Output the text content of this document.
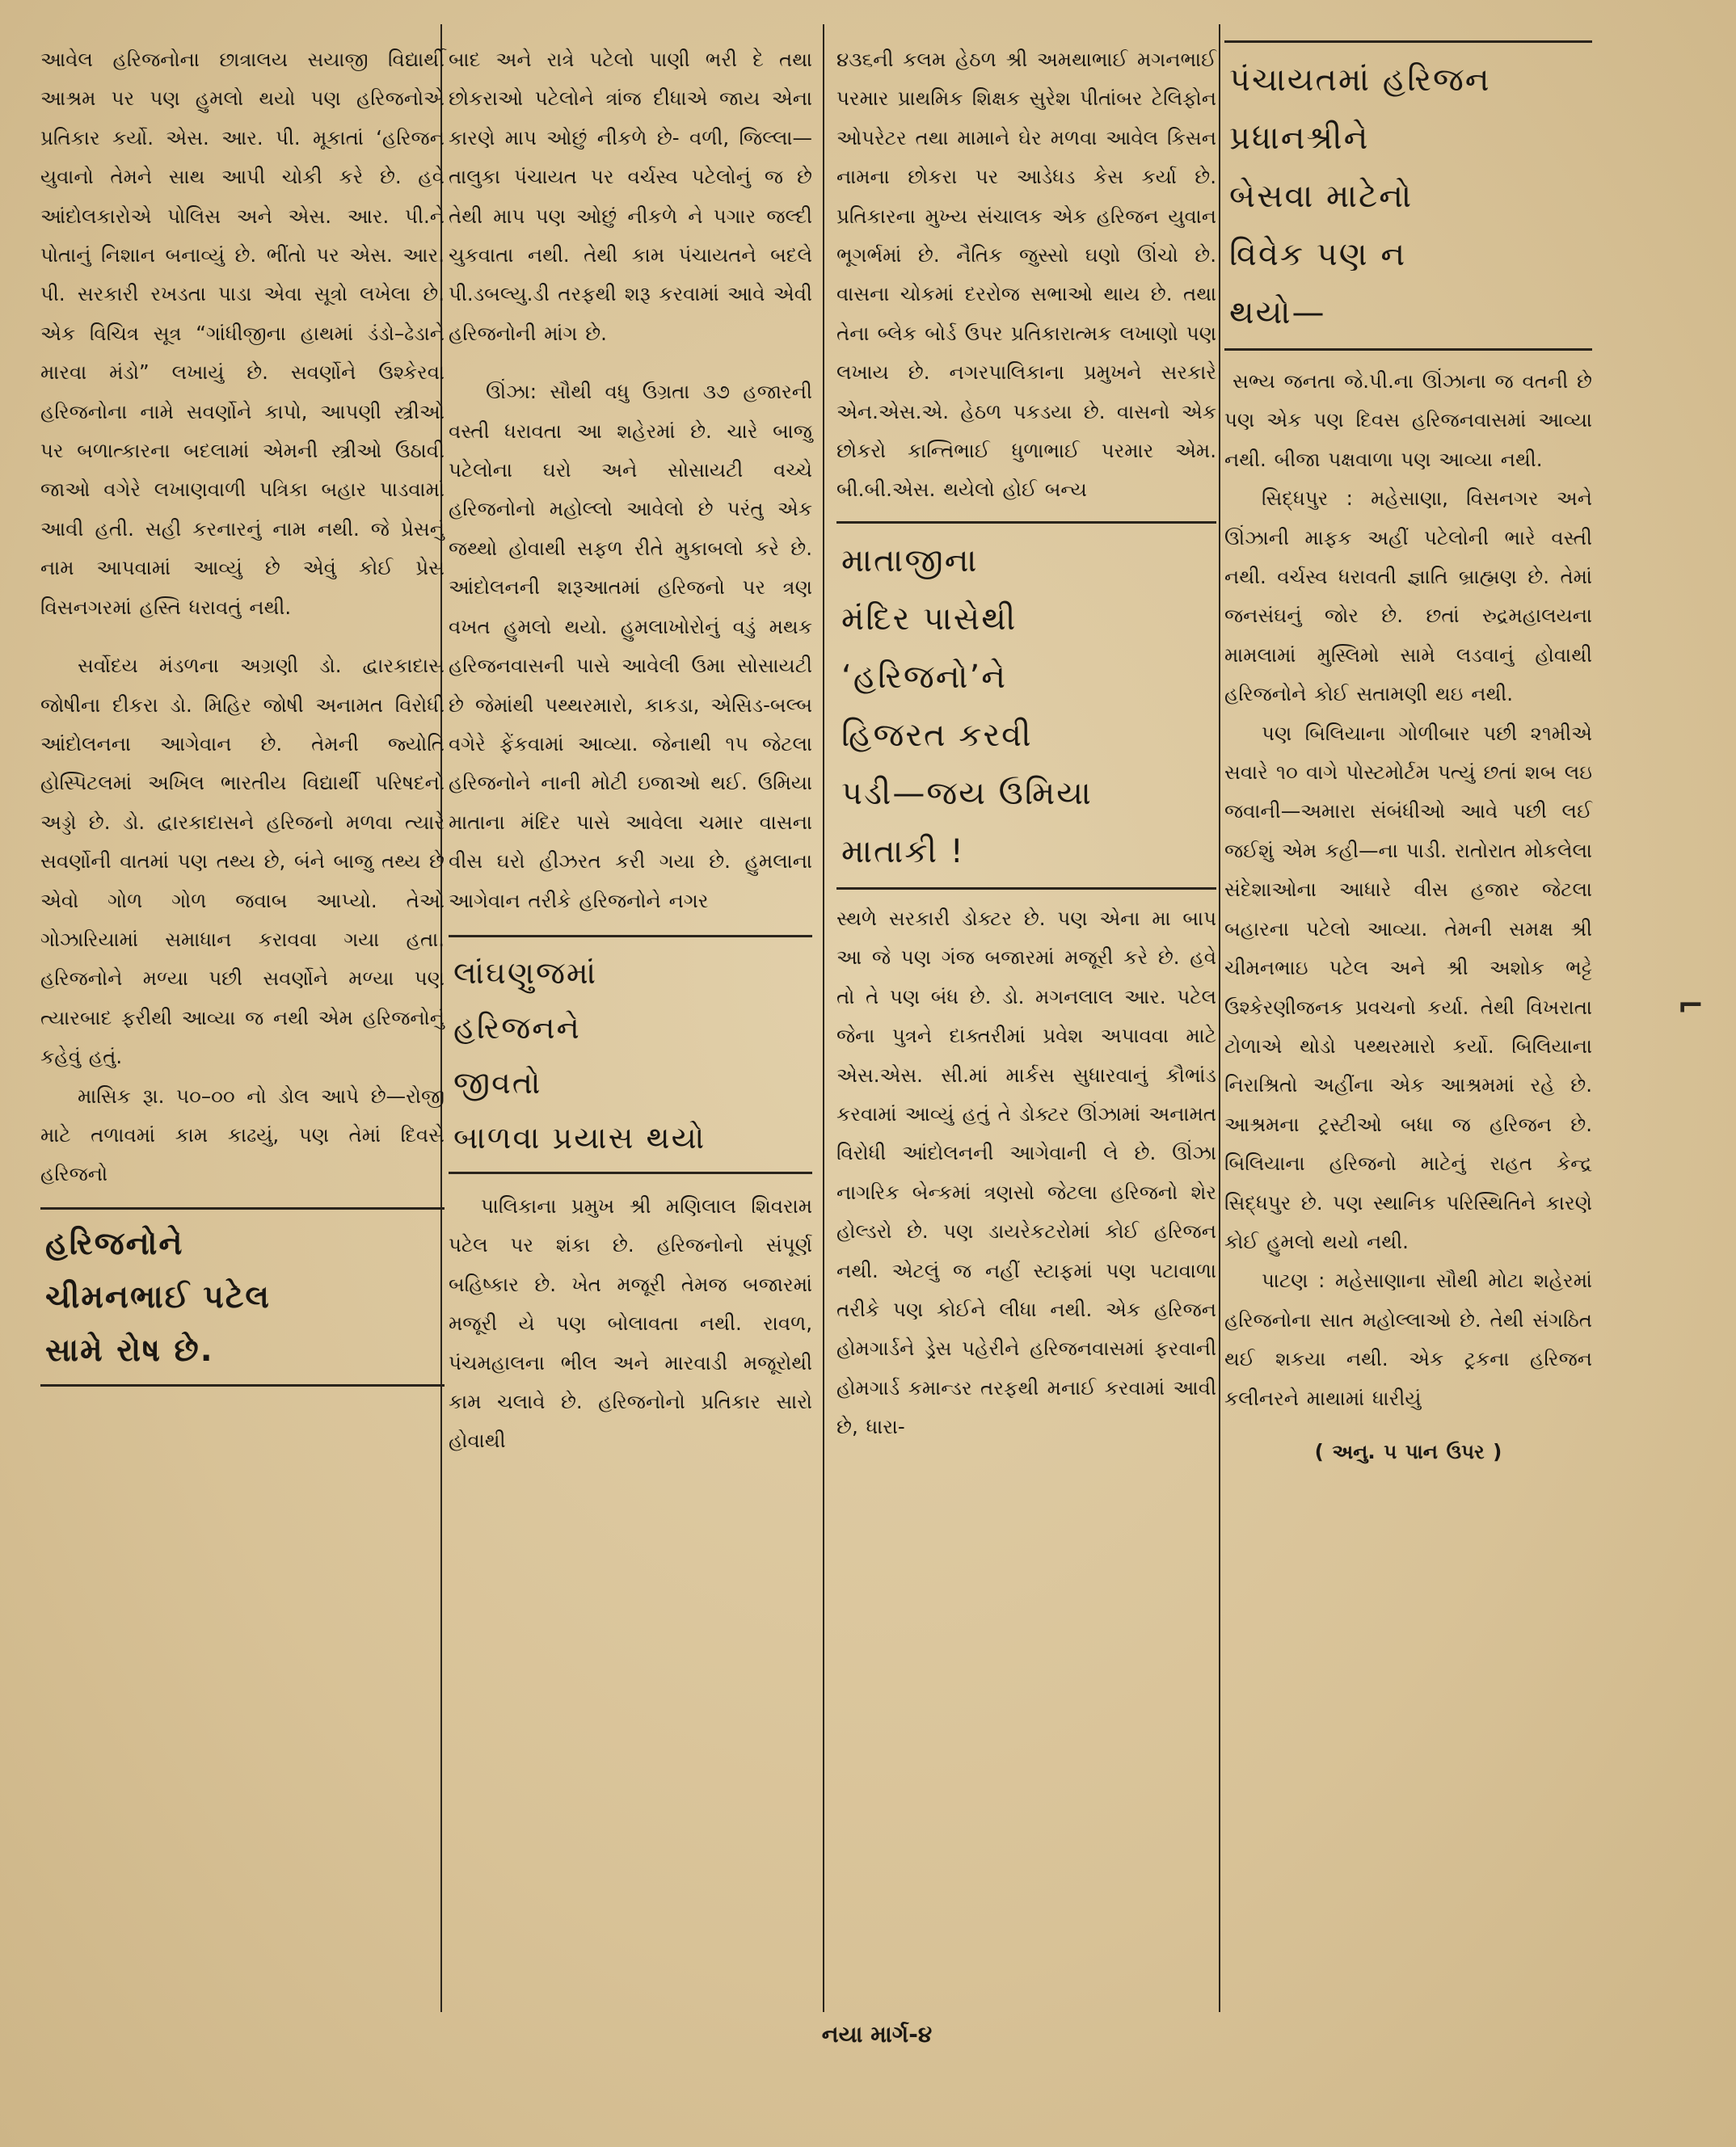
આવેલ હરિજનોના છાત્રાલય સયાજી વિદ્યાર્થી આશ્રમ પર પણ હુમલો થયો પણ હરિજનોએ પ્રતિકાર કર્યો. એસ. આર. પી. મૂકાતાં ‘હરિજન યુવાનો તેમને સાથ આપી ચોકી કરે છે. હવે આંદોલકારોએ પોલિસ અને એસ. આર. પી.ને પોતાનું નિશાન બનાવ્યું છે. ભીંતો પર એસ. આર. પી. સરકારી રખડતા પાડા એવા સૂત્રો લખેલા છે. એક વિચિત્ર સૂત્ર “ગાંધીજીના હાથમાં ડંડો–ઢેડાને મારવા મંડો” લખાયું છે. સવર્ણોને ઉશ્કેરવા હરિજનોના નામે સવર્ણોને કાપો, આપણી સ્ત્રીઓ પર બળાત્કારના બદલામાં એમની સ્ત્રીઓ ઉઠાવી જાઓ વગેરે લખાણવાળી પત્રિકા બહાર પાડવામાં આવી હતી. સહી કરનારનું નામ નથી. જે પ્રેસનું નામ આપવામાં આવ્યું છે એવું કોઈ પ્રેસ વિસનગરમાં હસ્તિ ધરાવતું નથી.

સર્વોદય મંડળના અગ્રણી ડો. દ્વારકાદાસ જોષીના દીકરા ડો. મિહિર જોષી અનામત વિરોધી આંદોલનના આગેવાન છે. તેમની જ્યોતિ હોસ્પિટલમાં અખિલ ભારતીય વિદ્યાર્થી પરિષદનો અડ્ડો છે. ડો. દ્વારકાદાસને હરિજનો મળવા ત્યારે સવર્ણોની વાતમાં પણ તથ્ય છે, બંને બાજુ તથ્ય છે એવો ગોળ ગોળ જવાબ આપ્યો. તેઓ ગોઝારિયામાં સમાધાન કરાવવા ગયા હતા. હરિજનોને મળ્યા પછી સવર્ણોને મળ્યા પણ ત્યારબાદ ફરીથી આવ્યા જ નથી એમ હરિજનોનું કહેવું હતું.

માસિક રૂા. ૫૦–૦૦ નો ડોલ આપે છે—રોજી માટે તળાવમાં કામ કાઢયું, પણ તેમાં દિવસે હરિજનો

હરિજનોને

ચીમનભાઈ પટેલ

સામે રોષ છે.

બાદ અને રાત્રે પટેલો પાણી ભરી દે તથા છોકરાઓ પટેલોને ત્રાંજ દીધાએ જાય એના કારણે માપ ઓછું નીકળે છે- વળી, જિલ્લા—તાલુકા પંચાયત પર વર્ચસ્વ પટેલોનું જ છે તેથી માપ પણ ઓછું નીકળે ને પગાર જલ્દી ચુકવાતા નથી. તેથી કામ પંચાયતને બદલે પી.ડબલ્યુ.ડી તરફથી શરૂ કરવામાં આવે એવી હરિજનોની માંગ છે.

ઊંઝા: સૌથી વધુ ઉગ્રતા ૩૭ હજારની વસ્તી ધરાવતા આ શહેરમાં છે. ચારે બાજુ પટેલોના ઘરો અને સોસાયટી વચ્ચે હરિજનોનો મહોલ્લો આવેલો છે પરંતુ એક જથ્થો હોવાથી સફળ રીતે મુકાબલો કરે છે. આંદોલનની શરૂઆતમાં હરિજનો પર ત્રણ વખત હુમલો થયો. હુમલાખોરોનું વડું મથક હરિજનવાસની પાસે આવેલી ઉમા સોસાયટી છે જેમાંથી પથ્થરમારો, કાકડા, એસિડ-બલ્બ વગેરે ફેંકવામાં આવ્યા. જેનાથી ૧૫ જેટલા હરિજનોને નાની મોટી ઇજાઓ થઈ. ઉમિયા માતાના મંદિર પાસે આવેલા ચમાર વાસના વીસ ઘરો હીઝરત કરી ગયા છે. હુમલાના આગેવાન તરીકે હરિજનોને નગર

લાંઘણુજમાં

હરિજનને

જીવતો

બાળવા પ્રયાસ થયો

પાલિકાના પ્રમુખ શ્રી મણિલાલ શિવરામ પટેલ પર શંકા છે. હરિજનોનો સંપૂર્ણ બહિષ્કાર છે. ખેત મજૂરી તેમજ બજારમાં મજૂરી યે પણ બોલાવતા નથી. રાવળ, પંચમહાલના ભીલ અને મારવાડી મજૂરોથી કામ ચલાવે છે. હરિજનોનો પ્રતિકાર સારો હોવાથી

૪૩૬ની કલમ હેઠળ શ્રી અમથાભાઈ મગનભાઈ પરમાર પ્રાથમિક શિક્ષક સુરેશ પીતાંબર ટેલિફોન ઓપરેટર તથા મામાને ઘેર મળવા આવેલ કિસન નામના છોકરા પર આડેધડ કેસ કર્યા છે. પ્રતિકારના મુખ્ય સંચાલક એક હરિજન યુવાન ભૂગર્ભમાં છે. નૈતિક જુસ્સો ઘણો ઊંચો છે. વાસના ચોકમાં દરરોજ સભાઓ થાય છે. તથા તેના બ્લેક બોર્ડ ઉપર પ્રતિકારાત્મક લખાણો પણ લખાય છે. નગરપાલિકાના પ્રમુખને સરકારે એન.એસ.એ. હેઠળ પકડયા છે. વાસનો એક છોકરો કાન્તિભાઈ ધુળાભાઈ પરમાર એમ. બી.બી.એસ. થયેલો હોઈ બન્ય

માતાજીના

મંદિર પાસેથી

‘હરિજનો’ને

હિજરત કરવી

પડી—જય ઉમિયા

માતાકી !

સ્થળે સરકારી ડોક્ટર છે. પણ એના મા બાપ આ જે પણ ગંજ બજારમાં મજૂરી કરે છે. હવે તો તે પણ બંધ છે. ડો. મગનલાલ આર. પટેલ જેના પુત્રને દાક્તરીમાં પ્રવેશ અપાવવા માટે એસ.એસ. સી.માં માર્કસ સુધારવાનું કૌભાંડ કરવામાં આવ્યું હતું તે ડોક્ટર ઊંઝામાં અનામત વિરોધી આંદોલનની આગેવાની લે છે. ઊંઝા નાગરિક બેન્કમાં ત્રણસો જેટલા હરિજનો શેર હોલ્ડરો છે. પણ ડાયરેકટરોમાં કોઈ હરિજન નથી. એટલું જ નહીં સ્ટાફમાં પણ પટાવાળા તરીકે પણ કોઈને લીધા નથી. એક હરિજન હોમગાર્ડને ડ્રેસ પહેરીને હરિજનવાસમાં ફરવાની હોમગાર્ડ કમાન્ડર તરફથી મનાઈ કરવામાં આવી છે, ધારા-

પંચાયતમાં હરિજન

પ્રધાનશ્રીને

બેસવા માટેનો

વિવેક પણ ન

થયો—

સભ્ય જનતા જે.પી.ના ઊંઝાના જ વતની છે પણ એક પણ દિવસ હરિજનવાસમાં આવ્યા નથી. બીજા પક્ષવાળા પણ આવ્યા નથી.

સિદ્ધપુર : મહેસાણા, વિસનગર અને ઊંઝાની માફક અહીં પટેલોની ભારે વસ્તી નથી. વર્ચસ્વ ધરાવતી જ્ઞાતિ બ્રાહ્મણ છે. તેમાં જનસંઘનું જોર છે. છતાં રુદ્રમહાલયના મામલામાં મુસ્લિમો સામે લડવાનું હોવાથી હરિજનોને કોઈ સતામણી થઇ નથી.

પણ બિલિયાના ગોળીબાર પછી ૨૧મીએ સવારે ૧૦ વાગે પોસ્ટમોર્ટમ પત્યું છતાં શબ લઇ જવાની—અમારા સંબંધીઓ આવે પછી લઈ જઈશું એમ કહી—ના પાડી. રાતોરાત મોકલેલા સંદેશાઓના આધારે વીસ હજાર જેટલા બહારના પટેલો આવ્યા. તેમની સમક્ષ શ્રી ચીમનભાઇ પટેલ અને શ્રી અશોક ભટ્ટે ઉશ્કેરણીજનક પ્રવચનો કર્યા. તેથી વિખરાતા ટોળાએ થોડો પથ્થરમારો કર્યો. બિલિયાના નિરાશ્રિતો અહીંના એક આશ્રમમાં રહે છે. આશ્રમના ટ્રસ્ટીઓ બધા જ હરિજન છે. બિલિયાના હરિજનો માટેનું રાહત કેન્દ્ર સિદ્ધપુર છે. પણ સ્થાનિક પરિસ્થિતિને કારણે કોઈ હુમલો થયો નથી.

પાટણ : મહેસાણાના સૌથી મોટા શહેરમાં હરિજનોના સાત મહોલ્લાઓ છે. તેથી સંગઠિત થઈ શકયા નથી. એક ટ્રકના હરિજન કલીનરને માથામાં ધારીયું

( અનુ. ૫ પાન ઉપર )

⌐
નયા માર્ગ-૪
